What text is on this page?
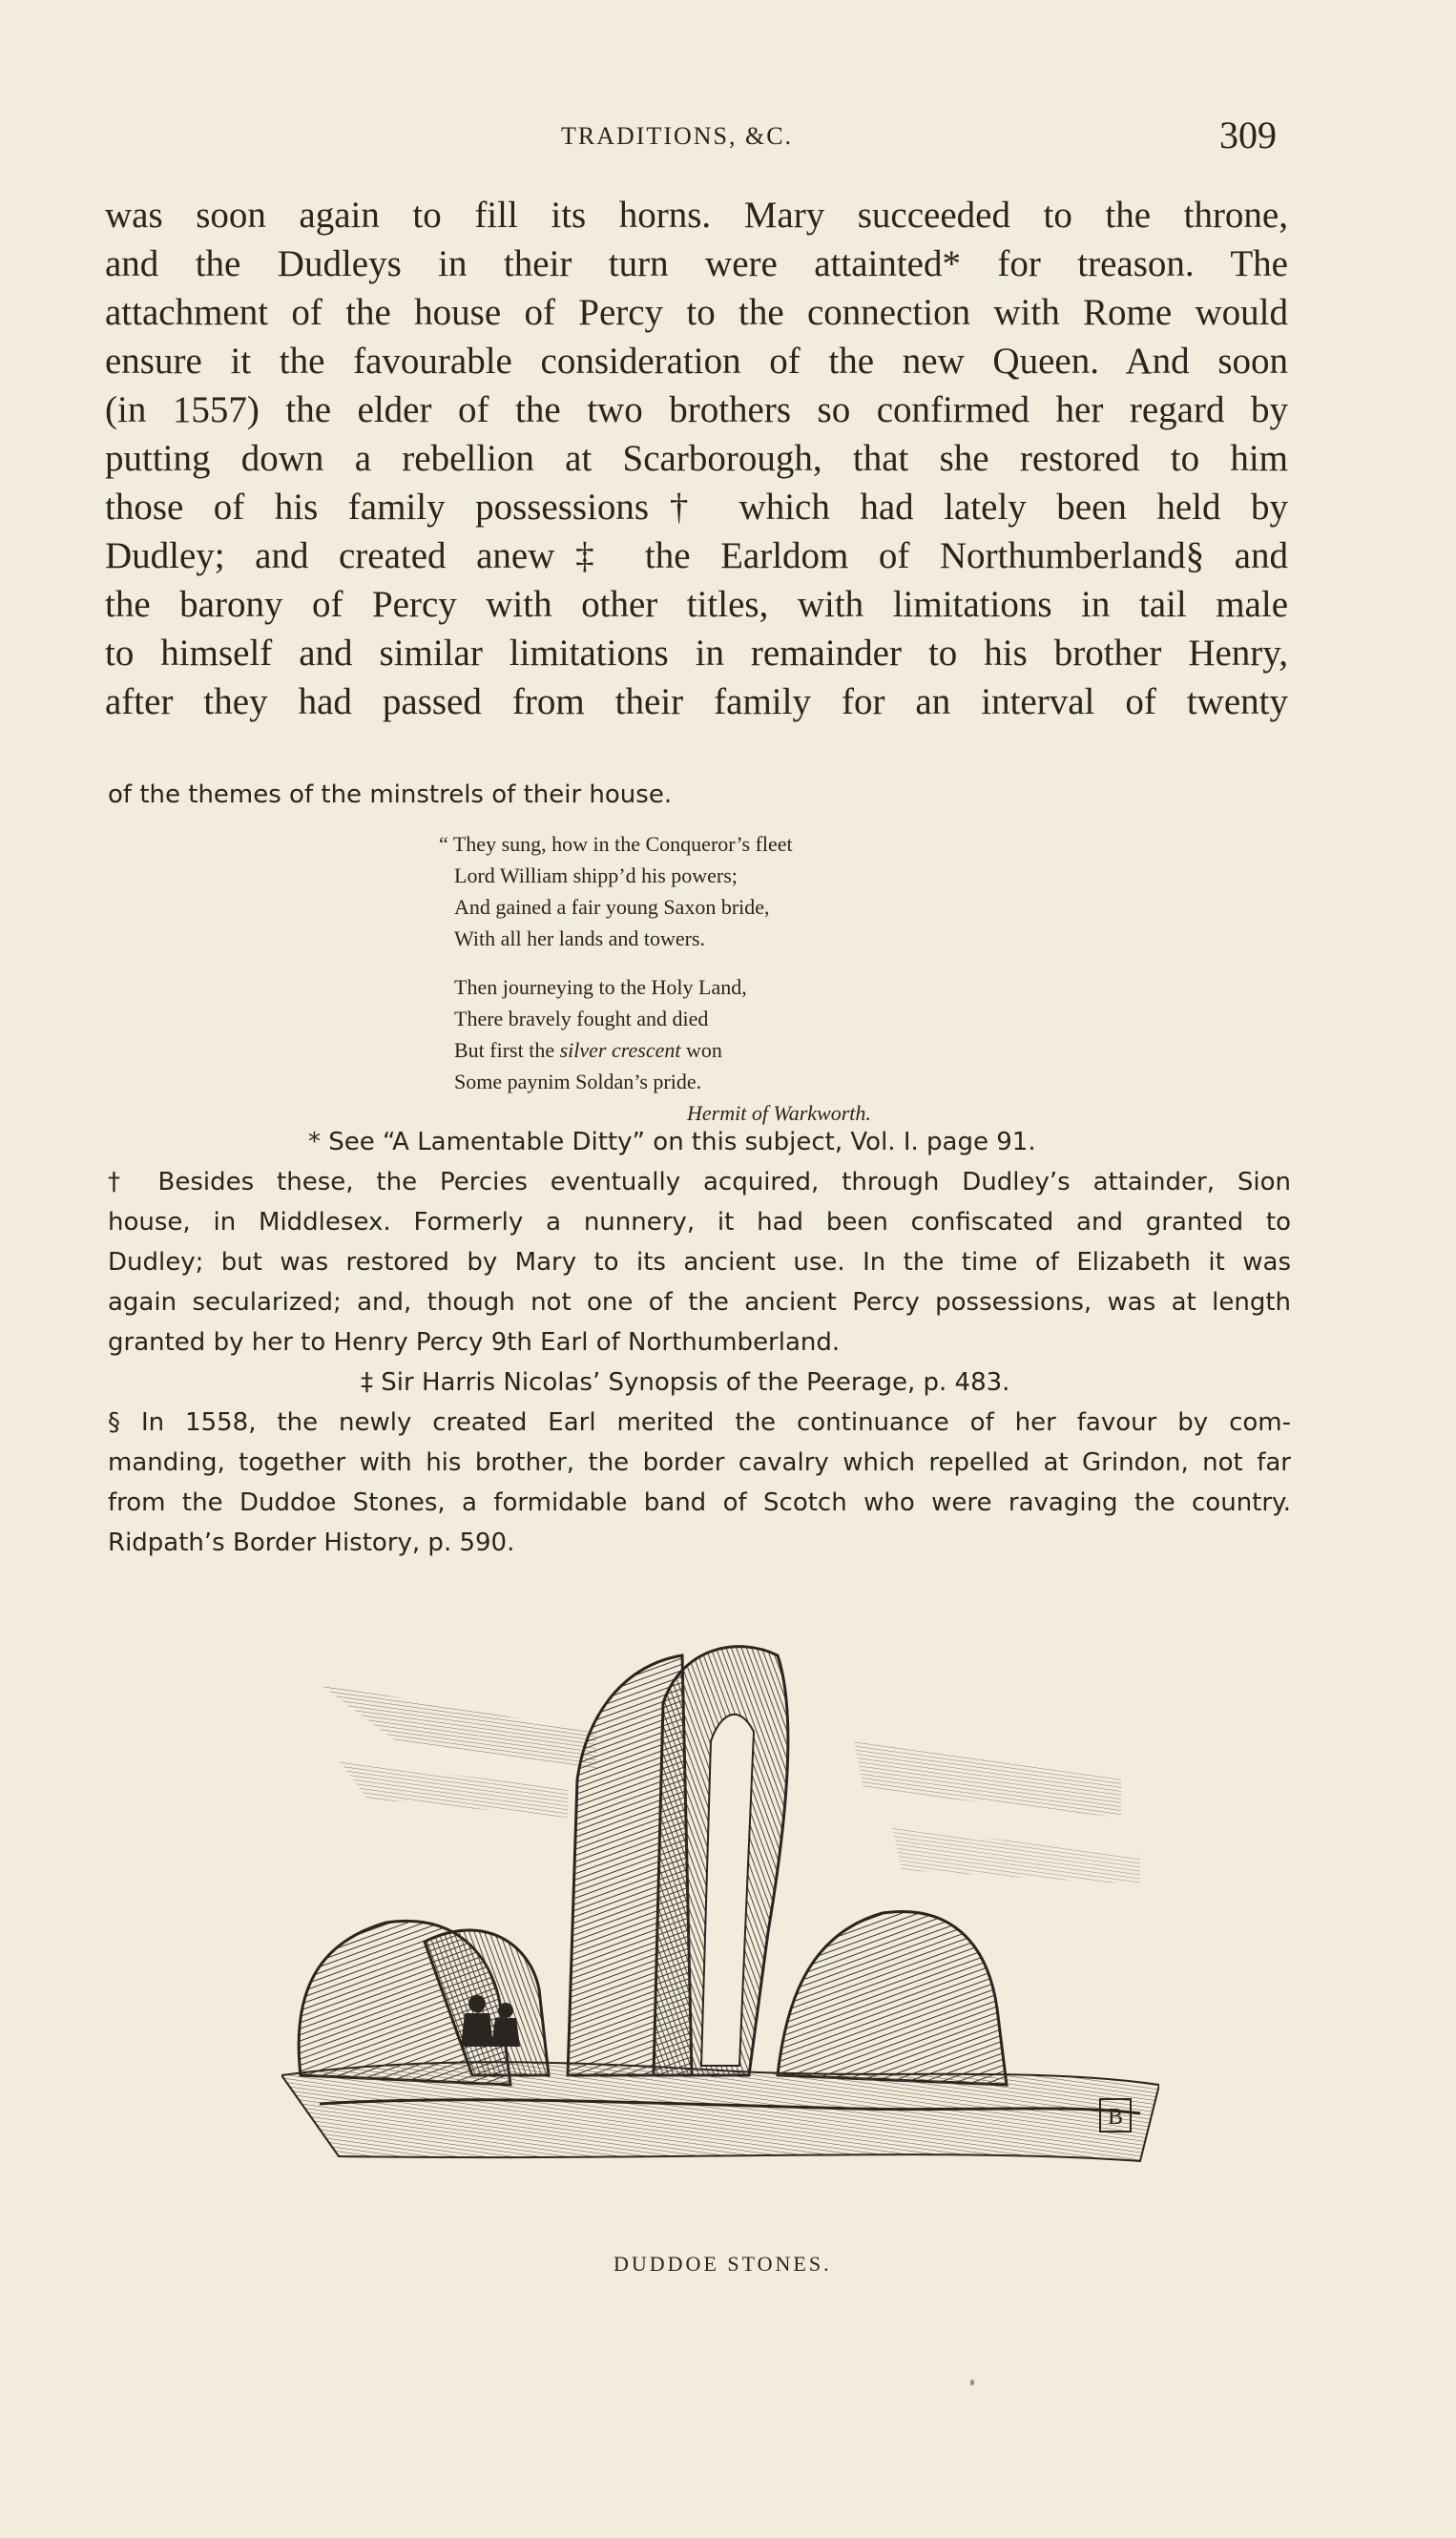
TRADITIONS, &C.	309
was soon again to fill its horns. Mary succeeded to the throne,
and the Dudleys in their turn were attainted* for treason. The
attachment of the house of Percy to the connection with Rome would
ensure it the favourable consideration of the new Queen. And soon
(in 1557) the elder of the two brothers so confirmed her regard by
putting down a rebellion at Scarborough, that she restored to him
those of his family possessions† which had lately been held by
Dudley; and created anew‡ the Earldom of Northumberland§ and
the barony of Percy with other titles, with limitations in tail male
to himself and similar limitations in remainder to his brother Henry,
after they had passed from their family for an interval of twenty
of the themes of the minstrels of their house.
“ They sung, how in the Conqueror’s fleet
Lord William shipp’d his powers;
And gained a fair young Saxon bride,
With all her lands and towers.
Then journeying to the Holy Land,
There bravely fought and died
But first the silver crescent won
Some paynim Soldan’s pride.
Hermit of Warkworth.
* See “A Lamentable Ditty” on this subject, Vol. I. page 91.
† Besides these, the Percies eventually acquired, through Dudley’s attainder, Sion
house, in Middlesex. Formerly a nunnery, it had been confiscated and granted to
Dudley; but was restored by Mary to its ancient use. In the time of Elizabeth it was
again secularized; and, though not one of the ancient Percy possessions, was at length
granted by her to Henry Percy 9th Earl of Northumberland.
‡ Sir Harris Nicolas’ Synopsis of the Peerage, p. 483.
§ In 1558, the newly created Earl merited the continuance of her favour by com-
manding, together with his brother, the border cavalry which repelled at Grindon, not far
from the Duddoe Stones, a formidable band of Scotch who were ravaging the country.
Ridpath’s Border History, p. 590.
B
DUDDOE STONES.
